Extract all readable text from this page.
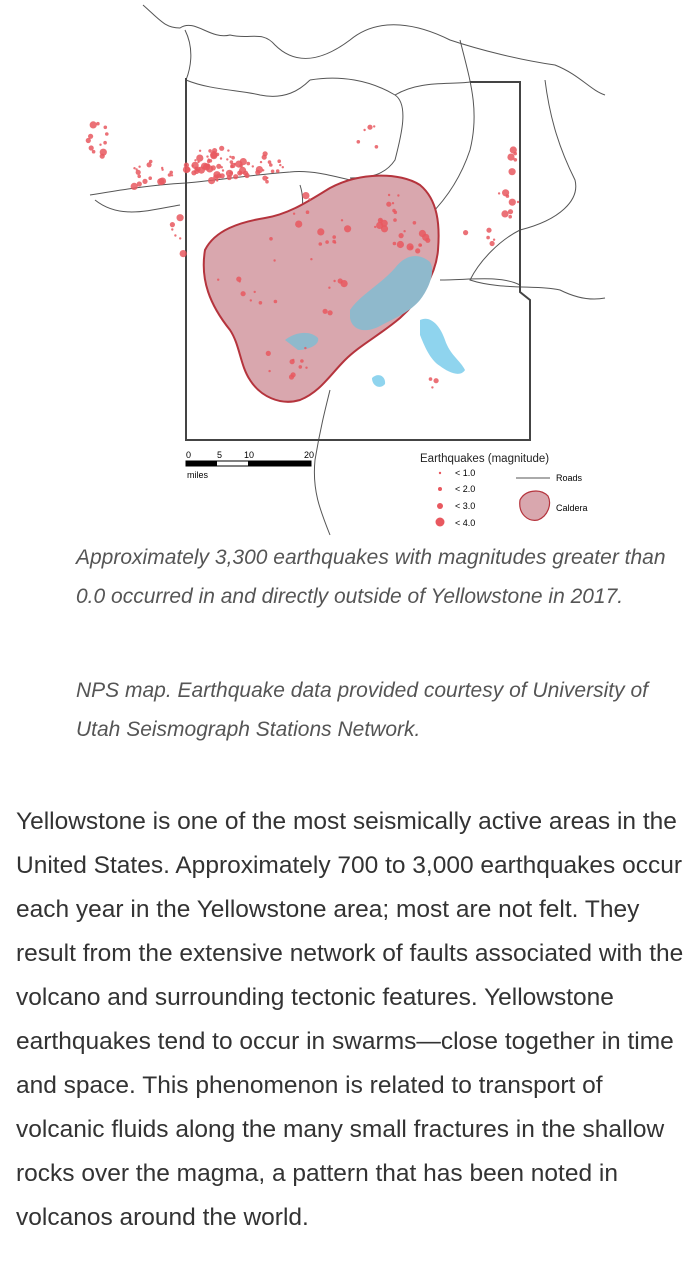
0	5 10	20
miles
Earthquakes (magnitude)
< 1.0
< 2.0
< 3.0
< 4.0
Roads
Caldera

Approximately 3,300 earthquakes with magnitudes greater than 0.0 occurred in and directly outside of Yellowstone in 2017.

NPS map. Earthquake data provided courtesy of University of Utah Seismograph Stations Network.

Yellowstone is one of the most seismically active areas in the United States. Approximately 700 to 3,000 earthquakes occur each year in the Yellowstone area; most are not felt. They result from the extensive network of faults associated with the volcano and surrounding tectonic features. Yellowstone earthquakes tend to occur in swarms—close together in time and space. This phenomenon is related to transport of volcanic fluids along the many small fractures in the shallow rocks over the magma, a pattern that has been noted in volcanos around the world.
